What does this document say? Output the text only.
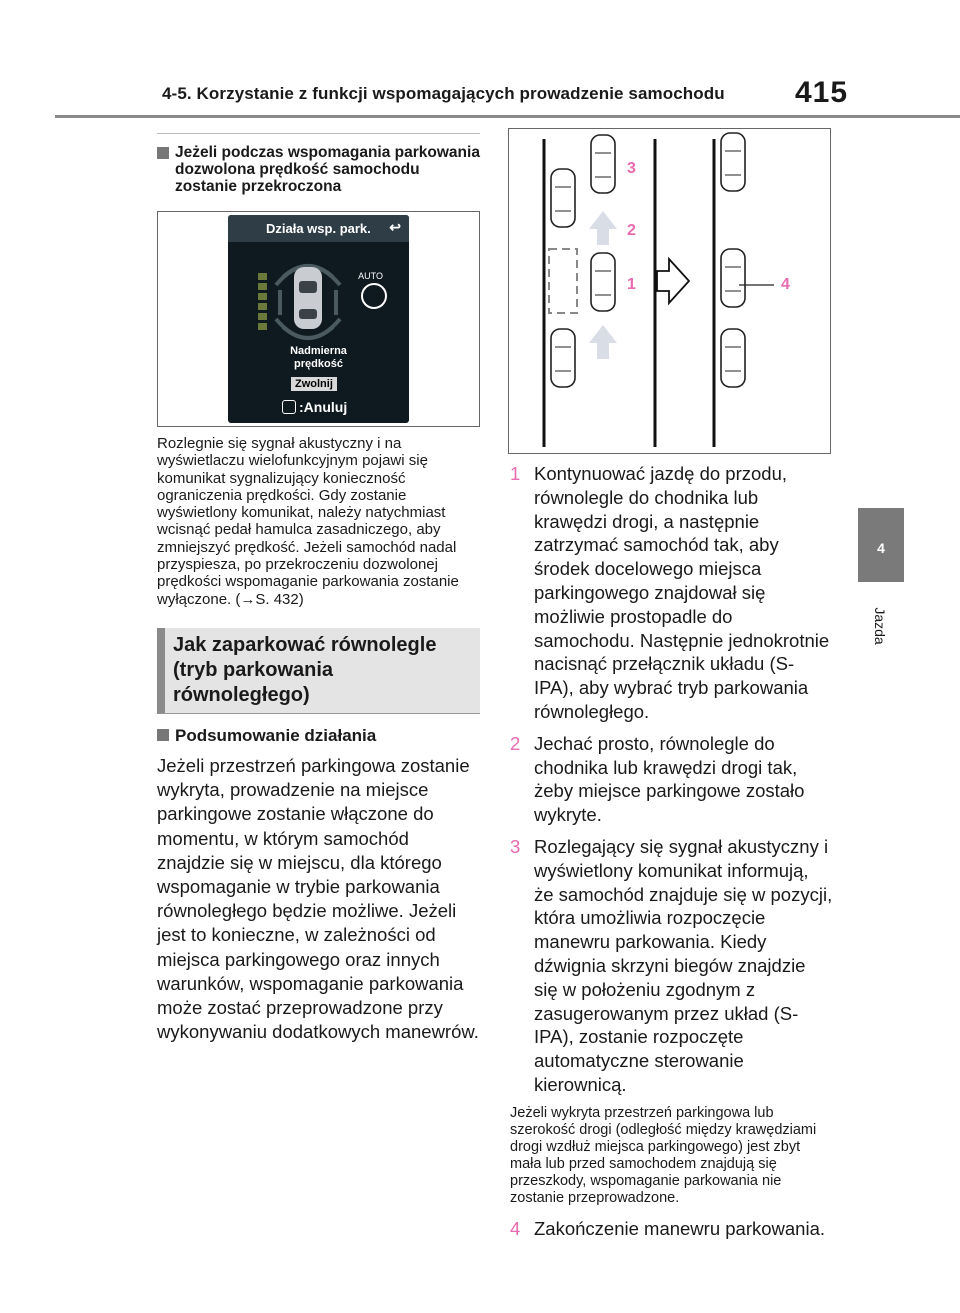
4-5. Korzystanie z funkcji wspomagających prowadzenie samochodu 415
4
Jazda
Jeżeli podczas wspomagania parkowania dozwolona prędkość samochodu zostanie przekroczona
Działa wsp. park. ↩
AUTO
Nadmierna
prędkość
Zwolnij
:Anuluj

Rozlegnie się sygnał akustyczny i na wyświetlaczu wielofunkcyjnym pojawi się komunikat sygnalizujący konieczność ograniczenia prędkości. Gdy zostanie wyświetlony komunikat, należy natychmiast wcisnąć pedał hamulca zasadniczego, aby zmniejszyć prędkość. Jeżeli samochód nadal przyspiesza, po przekroczeniu dozwolonej prędkości wspomaganie parkowania zostanie wyłączone. (→S. 432)

Jak zaparkować równolegle (tryb parkowania równoległego)
Podsumowanie działania

Jeżeli przestrzeń parkingowa zostanie wykryta, prowadzenie na miejsce parkingowe zostanie włączone do momentu, w którym samochód znajdzie się w miejscu, dla którego wspomaganie w trybie parkowania równoległego będzie możliwe. Jeżeli jest to konieczne, w zależności od miejsca parkingowego oraz innych warunków, wspomaganie parkowania może zostać przeprowadzone przy wykonywaniu dodatkowych manewrów.

3
2
1	4
1 Kontynuować jazdę do przodu, równolegle do chodnika lub krawędzi drogi, a następnie zatrzymać samochód tak, aby środek docelowego miejsca parkingowego znajdował się możliwie prostopadle do samochodu. Następnie jednokrotnie nacisnąć przełącznik układu (S-IPA), aby wybrać tryb parkowania równoległego.
2 Jechać prosto, równolegle do chodnika lub krawędzi drogi tak, żeby miejsce parkingowe zostało wykryte.
3 Rozlegający się sygnał akustyczny i wyświetlony komunikat informują, że samochód znajduje się w pozycji, która umożliwia rozpoczęcie manewru parkowania. Kiedy dźwignia skrzyni biegów znajdzie się w położeniu zgodnym z zasugerowanym przez układ (S-IPA), zostanie rozpoczęte automatyczne sterowanie kierownicą.

Jeżeli wykryta przestrzeń parkingowa lub szerokość drogi (odległość między krawędziami drogi wzdłuż miejsca parkingowego) jest zbyt mała lub przed samochodem znajdują się przeszkody, wspomaganie parkowania nie zostanie przeprowadzone.

4 Zakończenie manewru parkowania.
